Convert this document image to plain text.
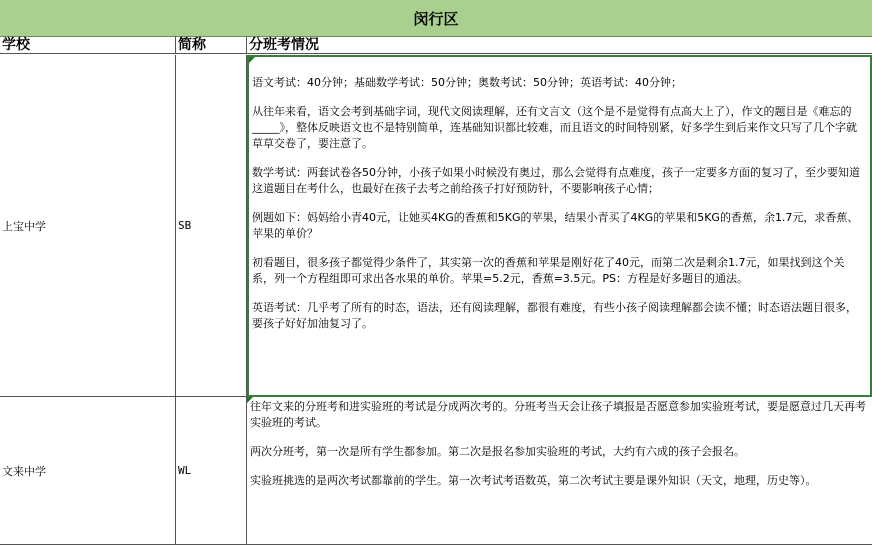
闵行区
学校	简称	分班考情况
上宝中学	SB

语文考试：40分钟；基础数学考试：50分钟；奥数考试：50分钟；英语考试：40分钟；

从往年来看，语文会考到基础字词，现代文阅读理解，还有文言文（这个是不是觉得有点高大上了），作文的题目是《难忘的_____》，整体反映语文也不是特别简单，连基础知识都比较难，而且语文的时间特别紧，好多学生到后来作文只写了几个字就草草交卷了，要注意了。

数学考试：两套试卷各50分钟，小孩子如果小时候没有奥过，那么会觉得有点难度，孩子一定要多方面的复习了，至少要知道这道题目在考什么，也最好在孩子去考之前给孩子打好预防针，不要影响孩子心情；

例题如下：妈妈给小青40元，让她买4KG的香蕉和5KG的苹果，结果小青买了4KG的苹果和5KG的香蕉，余1.7元，求香蕉、苹果的单价？

初看题目，很多孩子都觉得少条件了，其实第一次的香蕉和苹果是刚好花了40元，而第二次是剩余1.7元，如果找到这个关系，列一个方程组即可求出各水果的单价。苹果=5.2元，香蕉=3.5元。PS：方程是好多题目的通法。

英语考试：几乎考了所有的时态，语法，还有阅读理解，都很有难度，有些小孩子阅读理解都会读不懂；时态语法题目很多，要孩子好好加油复习了。

文来中学	WL

往年文来的分班考和进实验班的考试是分成两次考的。分班考当天会让孩子填报是否愿意参加实验班考试，要是愿意过几天再考实验班的考试。

两次分班考，第一次是所有学生都参加。第二次是报名参加实验班的考试，大约有六成的孩子会报名。

实验班挑选的是两次考试都靠前的学生。第一次考试考语数英，第二次考试主要是课外知识（天文，地理，历史等）。
